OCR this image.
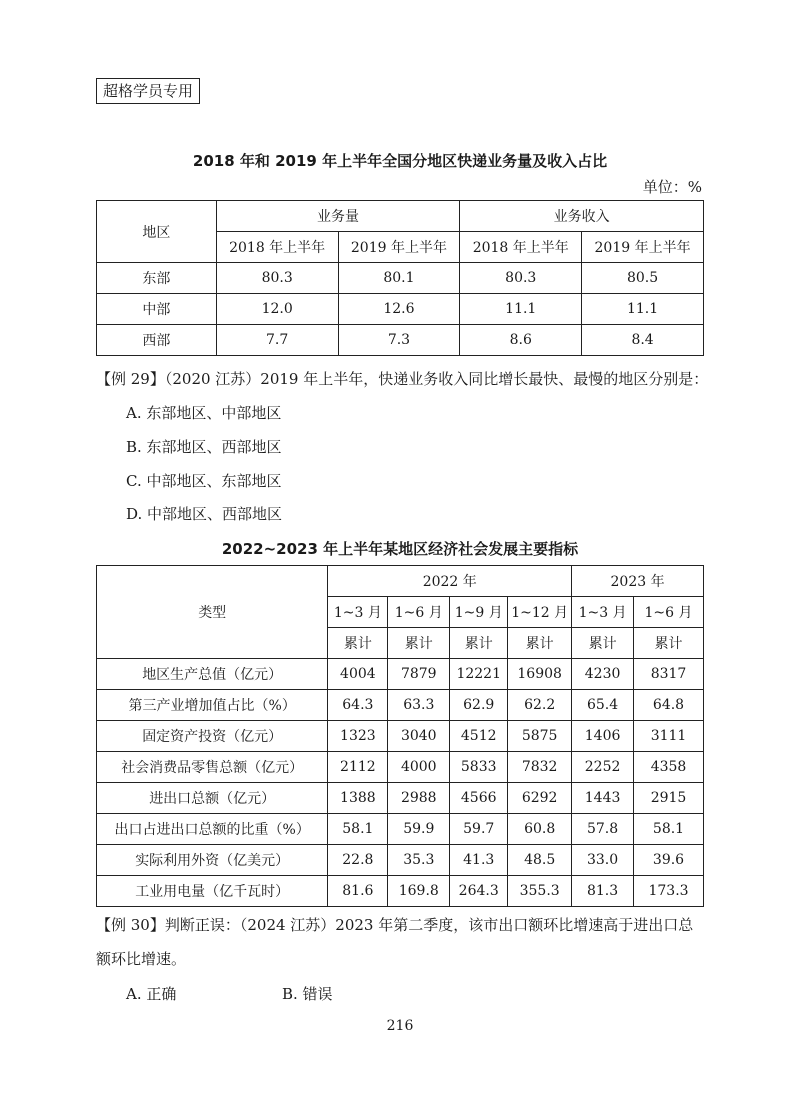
超格学员专用
2018 年和 2019 年上半年全国分地区快递业务量及收入占比
单位：%
地区	业务量		业务收入	
	2018 年上半年	2019 年上半年	2018 年上半年	2019 年上半年
东部	80.3	80.1	80.3	80.5
中部	12.0	12.6	11.1	11.1
西部	7.7	7.3	8.6	8.4
【例 29】（2020 江苏）2019 年上半年，快递业务收入同比增长最快、最慢的地区分别是：
A. 东部地区、中部地区
B. 东部地区、西部地区
C. 中部地区、东部地区
D. 中部地区、西部地区
2022~2023 年上半年某地区经济社会发展主要指标
类型	2022 年				2023 年	
	1~3 月	1~6 月	1~9 月	1~12 月	1~3 月	1~6 月
	累计	累计	累计	累计	累计	累计
地区生产总值（亿元）	4004	7879	12221	16908	4230	8317
第三产业增加值占比（%）	64.3	63.3	62.9	62.2	65.4	64.8
固定资产投资（亿元）	1323	3040	4512	5875	1406	3111
社会消费品零售总额（亿元）	2112	4000	5833	7832	2252	4358
进出口总额（亿元）	1388	2988	4566	6292	1443	2915
出口占进出口总额的比重（%）	58.1	59.9	59.7	60.8	57.8	58.1
实际利用外资（亿美元）	22.8	35.3	41.3	48.5	33.0	39.6
工业用电量（亿千瓦时）	81.6	169.8	264.3	355.3	81.3	173.3
【例 30】判断正误：（2024 江苏）2023 年第二季度，该市出口额环比增速高于进出口总
额环比增速。
A. 正确	B. 错误
216
